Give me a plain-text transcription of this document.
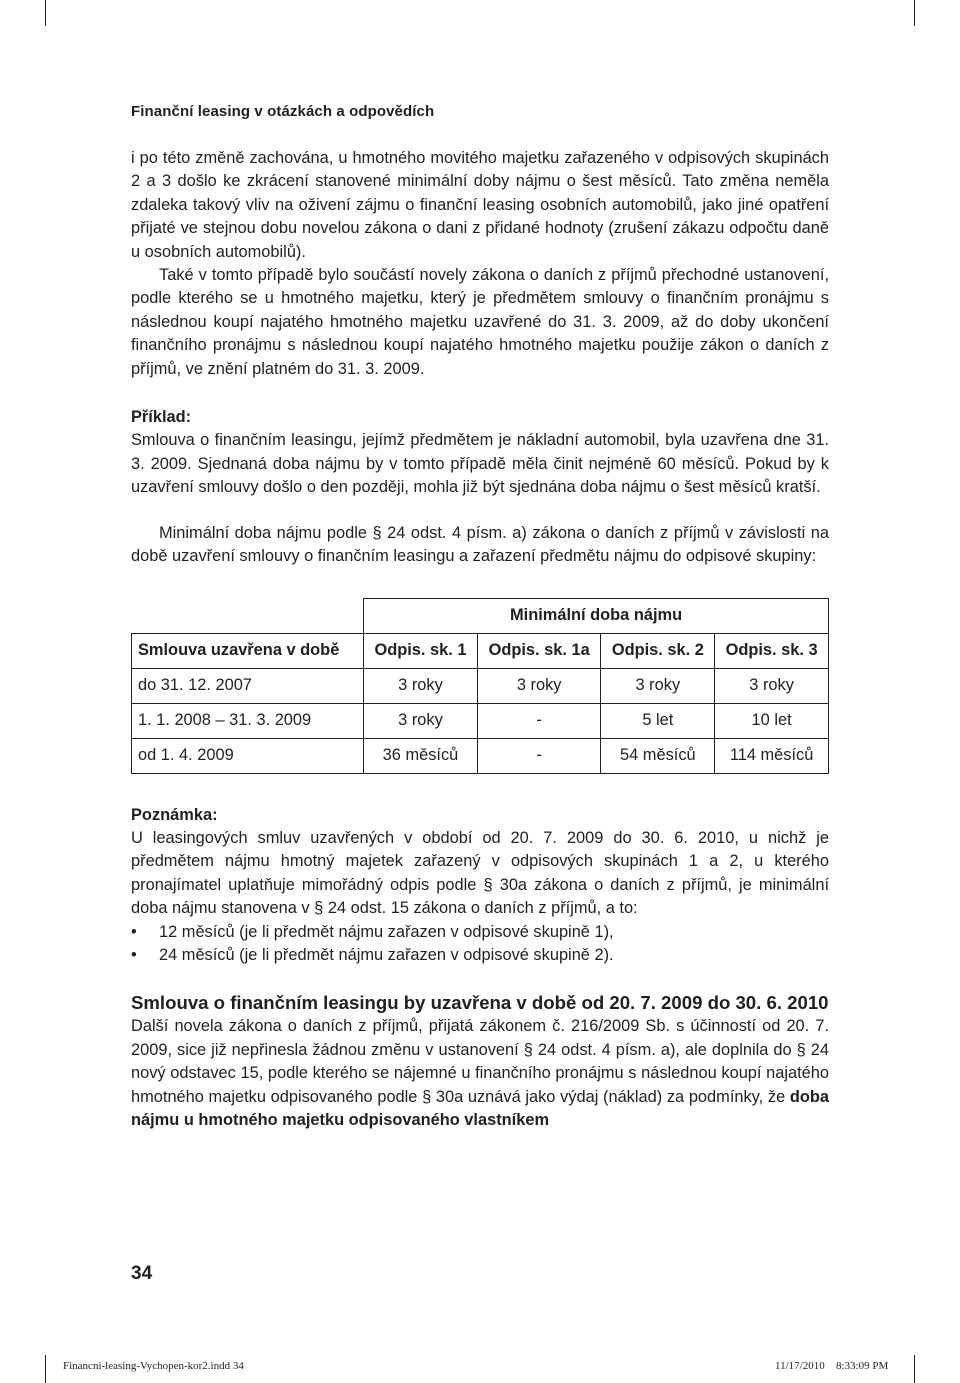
Finanční leasing v otázkách a odpovědích

i po této změně zachována, u hmotného movitého majetku zařazeného v odpisových skupinách 2 a 3 došlo ke zkrácení stanovené minimální doby nájmu o šest měsíců. Tato změna neměla zdaleka takový vliv na oživení zájmu o finanční leasing osobních automobilů, jako jiné opatření přijaté ve stejnou dobu novelou zákona o dani z přidané hodnoty (zrušení zákazu odpočtu daně u osobních automobilů).

Také v tomto případě bylo součástí novely zákona o daních z příjmů přechodné ustanovení, podle kterého se u hmotného majetku, který je předmětem smlouvy o finančním pronájmu s následnou koupí najatého hmotného majetku uzavřené do 31. 3. 2009, až do doby ukončení finančního pronájmu s následnou koupí najatého hmotného majetku použije zákon o daních z příjmů, ve znění platném do 31. 3. 2009.

Příklad:

Smlouva o finančním leasingu, jejímž předmětem je nákladní automobil, byla uzavřena dne 31. 3. 2009. Sjednaná doba nájmu by v tomto případě měla činit nejméně 60 měsíců. Pokud by k uzavření smlouvy došlo o den později, mohla již být sjednána doba nájmu o šest měsíců kratší.

Minimální doba nájmu podle § 24 odst. 4 písm. a) zákona o daních z příjmů v závislosti na době uzavření smlouvy o finančním leasingu a zařazení předmětu nájmu do odpisové skupiny:

	Minimální doba nájmu			
Smlouva uzavřena v době	Odpis. sk. 1	Odpis. sk. 1a	Odpis. sk. 2	Odpis. sk. 3
do 31. 12. 2007	3 roky	3 roky	3 roky	3 roky
1. 1. 2008 – 31. 3. 2009	3 roky	-	5 let	10 let
od 1. 4. 2009	36 měsíců	-	54 měsíců	114 měsíců

Poznámka:

U leasingových smluv uzavřených v období od 20. 7. 2009 do 30. 6. 2010, u nichž je předmětem nájmu hmotný majetek zařazený v odpisových skupinách 1 a 2, u kterého pronajímatel uplatňuje mimořádný odpis podle § 30a zákona o daních z příjmů, je minimální doba nájmu stanovena v § 24 odst. 15 zákona o daních z příjmů, a to:

• 12 měsíců (je li předmět nájmu zařazen v odpisové skupině 1),
• 24 měsíců (je li předmět nájmu zařazen v odpisové skupině 2).
Smlouva o finančním leasingu by uzavřena v době od 20. 7. 2009 do 30. 6. 2010

Další novela zákona o daních z příjmů, přijatá zákonem č. 216/2009 Sb. s účinností od 20. 7. 2009, sice již nepřinesla žádnou změnu v ustanovení § 24 odst. 4 písm. a), ale doplnila do § 24 nový odstavec 15, podle kterého se nájemné u finančního pronájmu s následnou koupí najatého hmotného majetku odpisovaného podle § 30a uznává jako výdaj (náklad) za podmínky, že doba nájmu u hmotného majetku odpisovaného vlastníkem

34
Financni-leasing-Vychopen-kor2.indd 34	11/17/2010 8:33:09 PM
